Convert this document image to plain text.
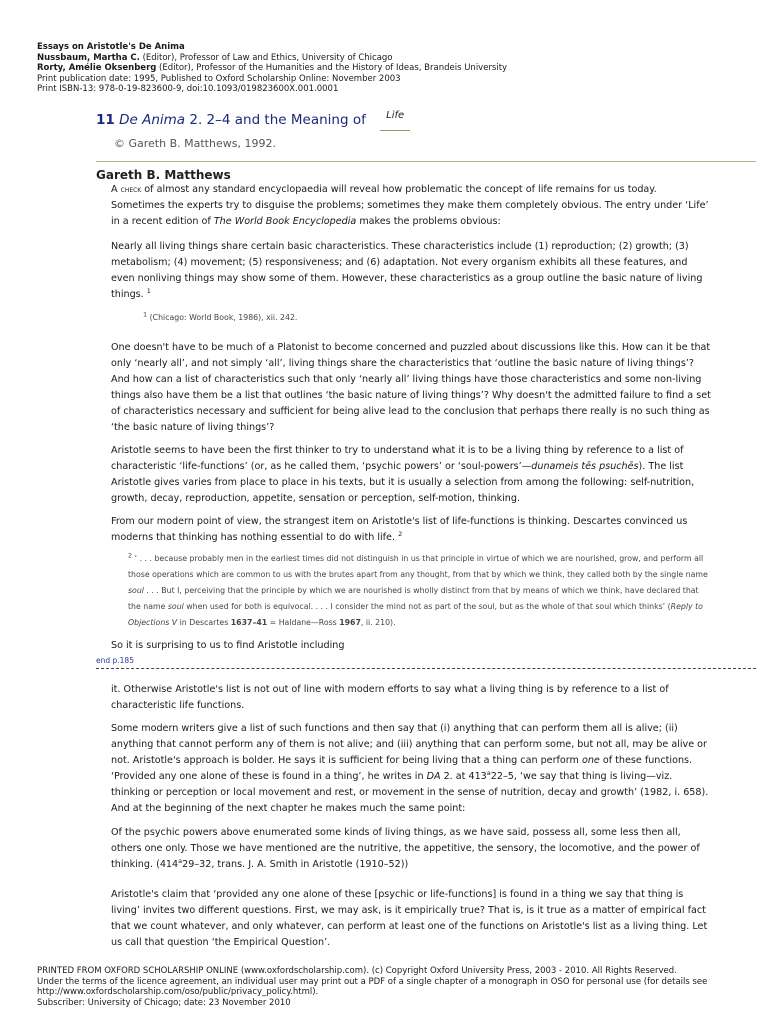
Essays on Aristotle's De Anima
Nussbaum, Martha C. (Editor), Professor of Law and Ethics, University of Chicago
Rorty, Amélie Oksenberg (Editor), Professor of the Humanities and the History of Ideas, Brandeis University
Print publication date: 1995, Published to Oxford Scholarship Online: November 2003
Print ISBN-13: 978-0-19-823600-9, doi:10.1093/019823600X.001.0001
11 De Anima 2. 2–4 and the Meaning of Life
© Gareth B. Matthews, 1992.
Gareth B. Matthews

A check of almost any standard encyclopaedia will reveal how problematic the concept of life remains for us today. Sometimes the experts try to disguise the problems; sometimes they make them completely obvious. The entry under ‘Life’ in a recent edition of The World Book Encyclopedia makes the problems obvious:

Nearly all living things share certain basic characteristics. These characteristics include (1) reproduction; (2) growth; (3) metabolism; (4) movement; (5) responsiveness; and (6) adaptation. Not every organism exhibits all these features, and even nonliving things may show some of them. However, these characteristics as a group outline the basic nature of living things. $^1$

$^1$ (Chicago: World Book, 1986), xii. 242.

One doesn't have to be much of a Platonist to become concerned and puzzled about discussions like this. How can it be that only ‘nearly all’, and not simply ‘all’, living things share the characteristics that ‘outline the basic nature of living things’? And how can a list of characteristics such that only ‘nearly all’ living things have those characteristics and some non-living things also have them be a list that outlines ‘the basic nature of living things’? Why doesn't the admitted failure to find a set of characteristics necessary and sufficient for being alive lead to the conclusion that perhaps there really is no such thing as ‘the basic nature of living things’?

Aristotle seems to have been the first thinker to try to understand what it is to be a living thing by reference to a list of characteristic ‘life-functions’ (or, as he called them, ‘psychic powers’ or ‘soul-powers’—dunameis tēs psuchēs). The list Aristotle gives varies from place to place in his texts, but it is usually a selection from among the following: self-nutrition, growth, decay, reproduction, appetite, sensation or perception, self-motion, thinking.

From our modern point of view, the strangest item on Aristotle's list of life-functions is thinking. Descartes convinced us moderns that thinking has nothing essential to do with life. $^2$

$^2$ ‘ . . . because probably men in the earliest times did not distinguish in us that principle in virtue of which we are nourished, grow, and perform all those operations which are common to us with the brutes apart from any thought, from that by which we think, they called both by the single name soul . . . But I, perceiving that the principle by which we are nourished is wholly distinct from that by means of which we think, have declared that the name soul when used for both is equivocal. . . . I consider the mind not as part of the soul, but as the whole of that soul which thinks’ (Reply to Objections V in Descartes 1637–41 = Haldane—Ross 1967, ii. 210).

So it is surprising to us to find Aristotle including

end p.185

it. Otherwise Aristotle's list is not out of line with modern efforts to say what a living thing is by reference to a list of characteristic life functions.

Some modern writers give a list of such functions and then say that (i) anything that can perform them all is alive; (ii) anything that cannot perform any of them is not alive; and (iii) anything that can perform some, but not all, may be alive or not. Aristotle's approach is bolder. He says it is sufficient for being living that a thing can perform one of these functions. ‘Provided any one alone of these is found in a thing’, he writes in DA 2. at 413$^a$22–5, ‘we say that thing is living—viz. thinking or perception or local movement and rest, or movement in the sense of nutrition, decay and growth’ (1982, i. 658). And at the beginning of the next chapter he makes much the same point:

Of the psychic powers above enumerated some kinds of living things, as we have said, possess all, some less then all, others one only. Those we have mentioned are the nutritive, the appetitive, the sensory, the locomotive, and the power of thinking. (414$^a$29–32, trans. J. A. Smith in Aristotle (1910–52))

Aristotle's claim that ‘provided any one alone of these [psychic or life-functions] is found in a thing we say that thing is living’ invites two different questions. First, we may ask, is it empirically true? That is, is it true as a matter of empirical fact that we count whatever, and only whatever, can perform at least one of the functions on Aristotle's list as a living thing. Let us call that question ‘the Empirical Question’.

PRINTED FROM OXFORD SCHOLARSHIP ONLINE (www.oxfordscholarship.com). (c) Copyright Oxford University Press, 2003 - 2010. All Rights Reserved.
Under the terms of the licence agreement, an individual user may print out a PDF of a single chapter of a monograph in OSO for personal use (for details see http://www.oxfordscholarship.com/oso/public/privacy_policy.html).
Subscriber: University of Chicago; date: 23 November 2010
